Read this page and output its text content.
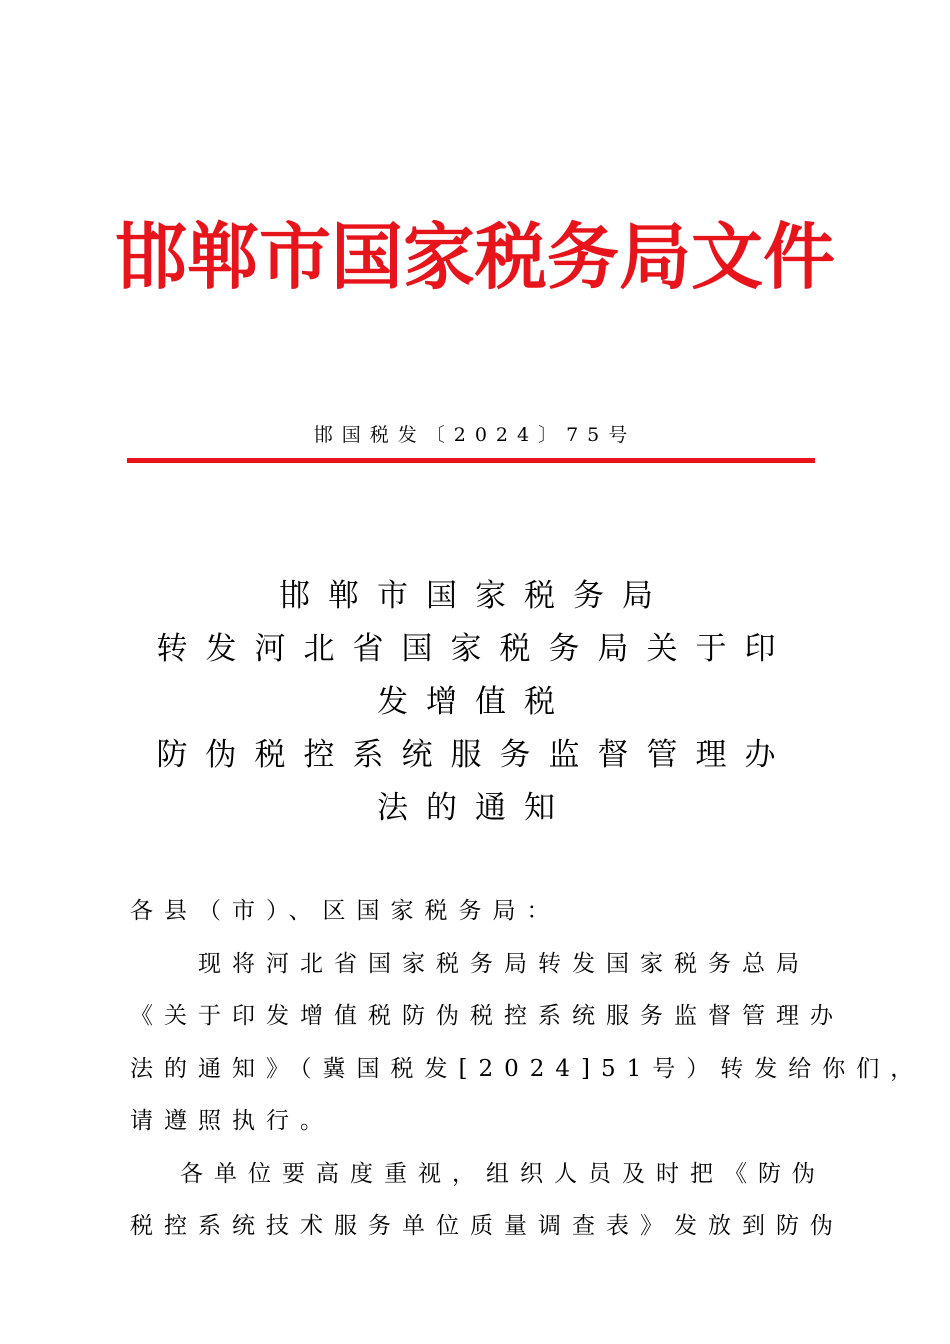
邯郸市国家税务局文件
邯国税发〔2024〕75号
邯郸市国家税务局
转发河北省国家税务局关于印
发增值税
防伪税控系统服务监督管理办
法的通知
各县（市）、区国家税务局：
现将河北省国家税务局转发国家税务总局
《关于印发增值税防伪税控系统服务监督管理办
法的通知》（冀国税发[2024]51号）转发给你们，
请遵照执行。
各单位要高度重视，组织人员及时把《防伪
税控系统技术服务单位质量调查表》发放到防伪
